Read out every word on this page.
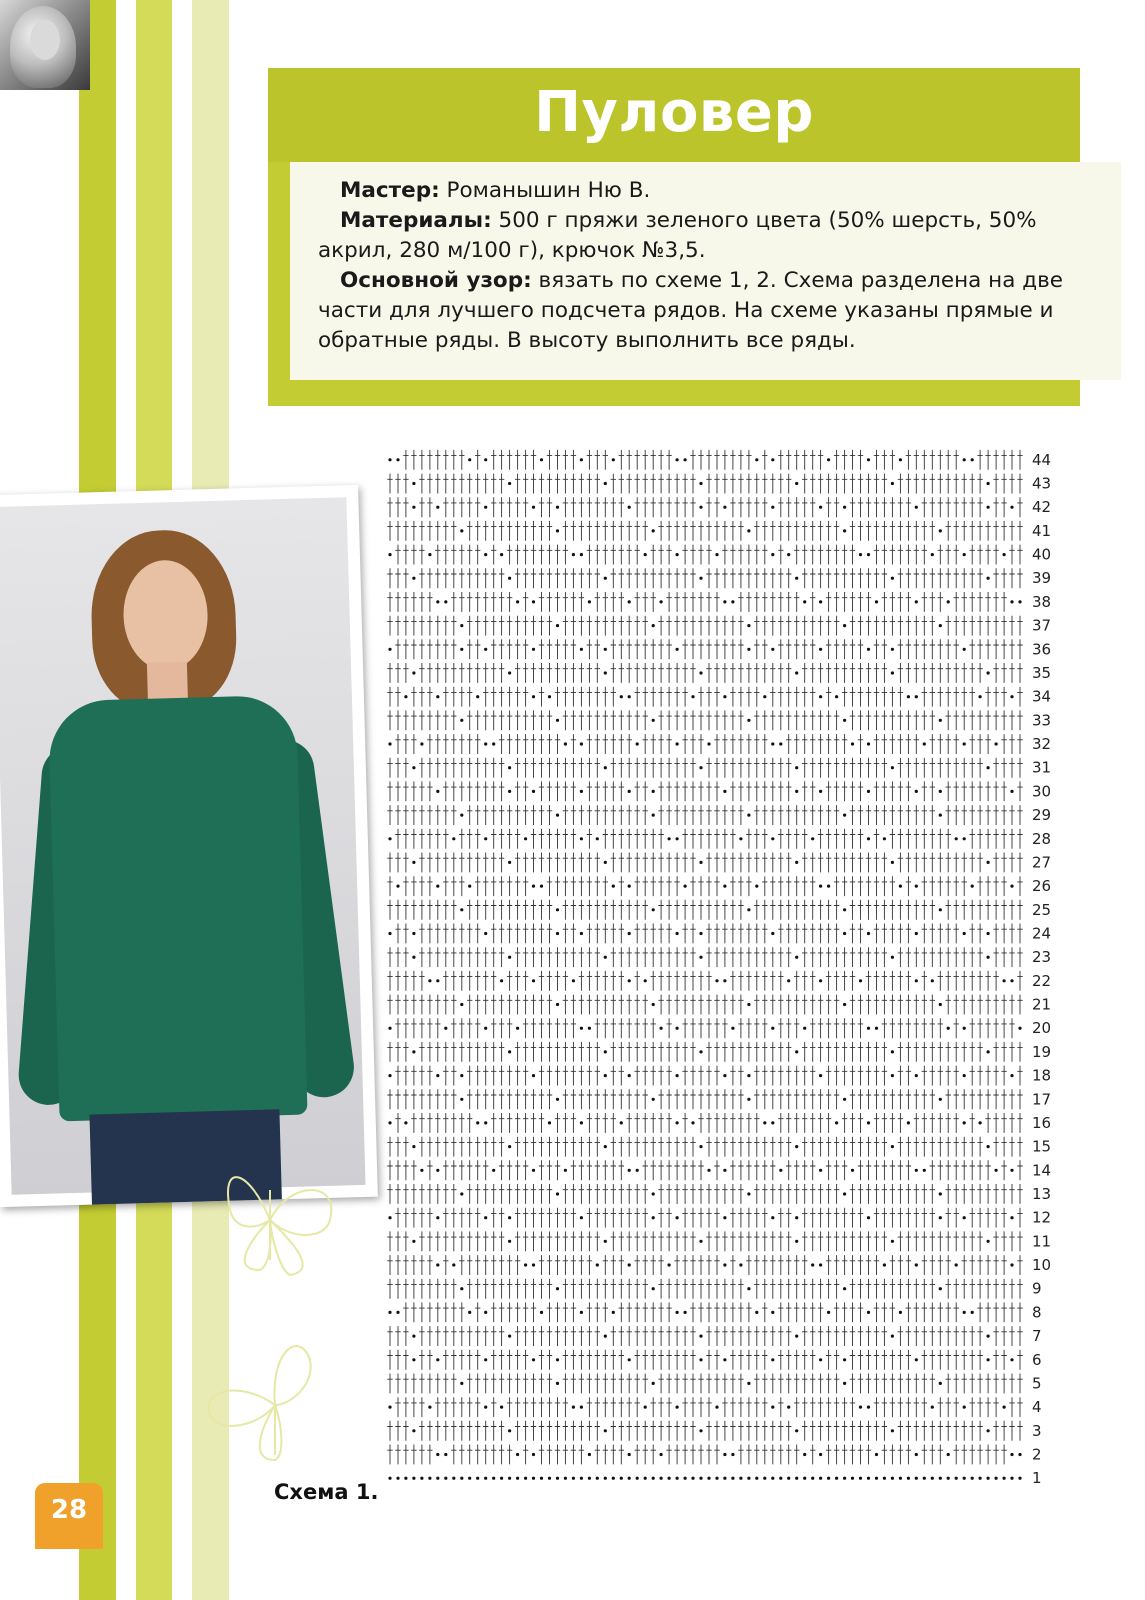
Пуловер

Мастер: Романышин Ню В.

Материалы: 500 г пряжи зеленого цвета (50% шерсть, 50% акрил, 280 м/100 г), крючок №3,5.

Основной узор: вязать по схеме 1, 2. Схема разделена на две части для лучшего подсчета рядов. На схеме указаны прямые и обратные ряды. В высоту выполнить все ряды.

1
2
3
4
5
6
7
8
9
10
11
12
13
14
15
16
17
18
19
20
21
22
23
24
25
26
27
28
29
30
31
32
33
34
35
36
37
38
39
40
41
42
43
44
Схема 1.
28
